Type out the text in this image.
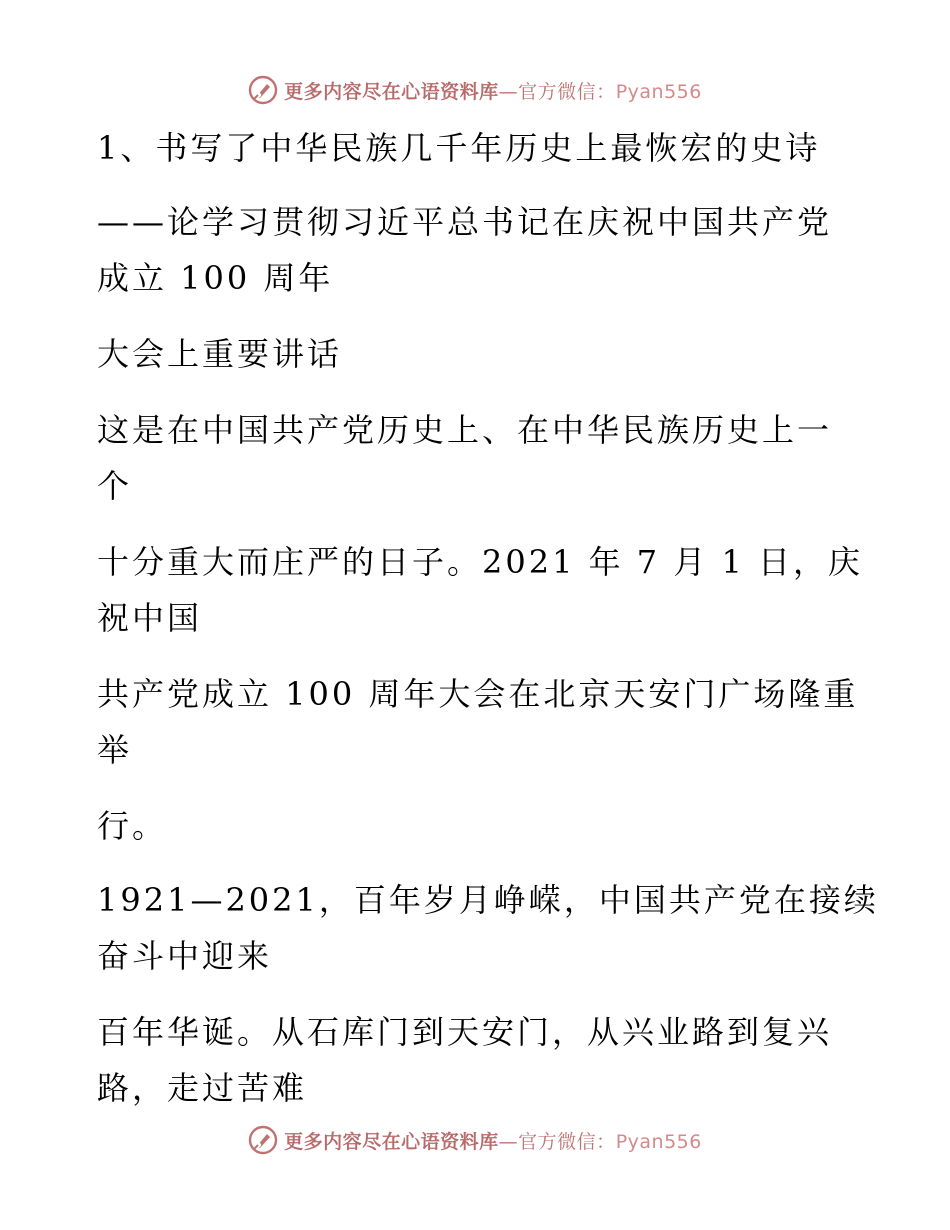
更多内容尽在心语资料库—官方微信：Pyan556
1、书写了中华民族几千年历史上最恢宏的史诗
——论学习贯彻习近平总书记在庆祝中国共产党
成立 100 周年
大会上重要讲话
这是在中国共产党历史上、在中华民族历史上一
个
十分重大而庄严的日子。2021 年 7 月 1 日，庆
祝中国
共产党成立 100 周年大会在北京天安门广场隆重
举
行。
1921—2021，百年岁月峥嵘，中国共产党在接续
奋斗中迎来
百年华诞。从石库门到天安门，从兴业路到复兴
路，走过苦难
更多内容尽在心语资料库—官方微信：Pyan556
